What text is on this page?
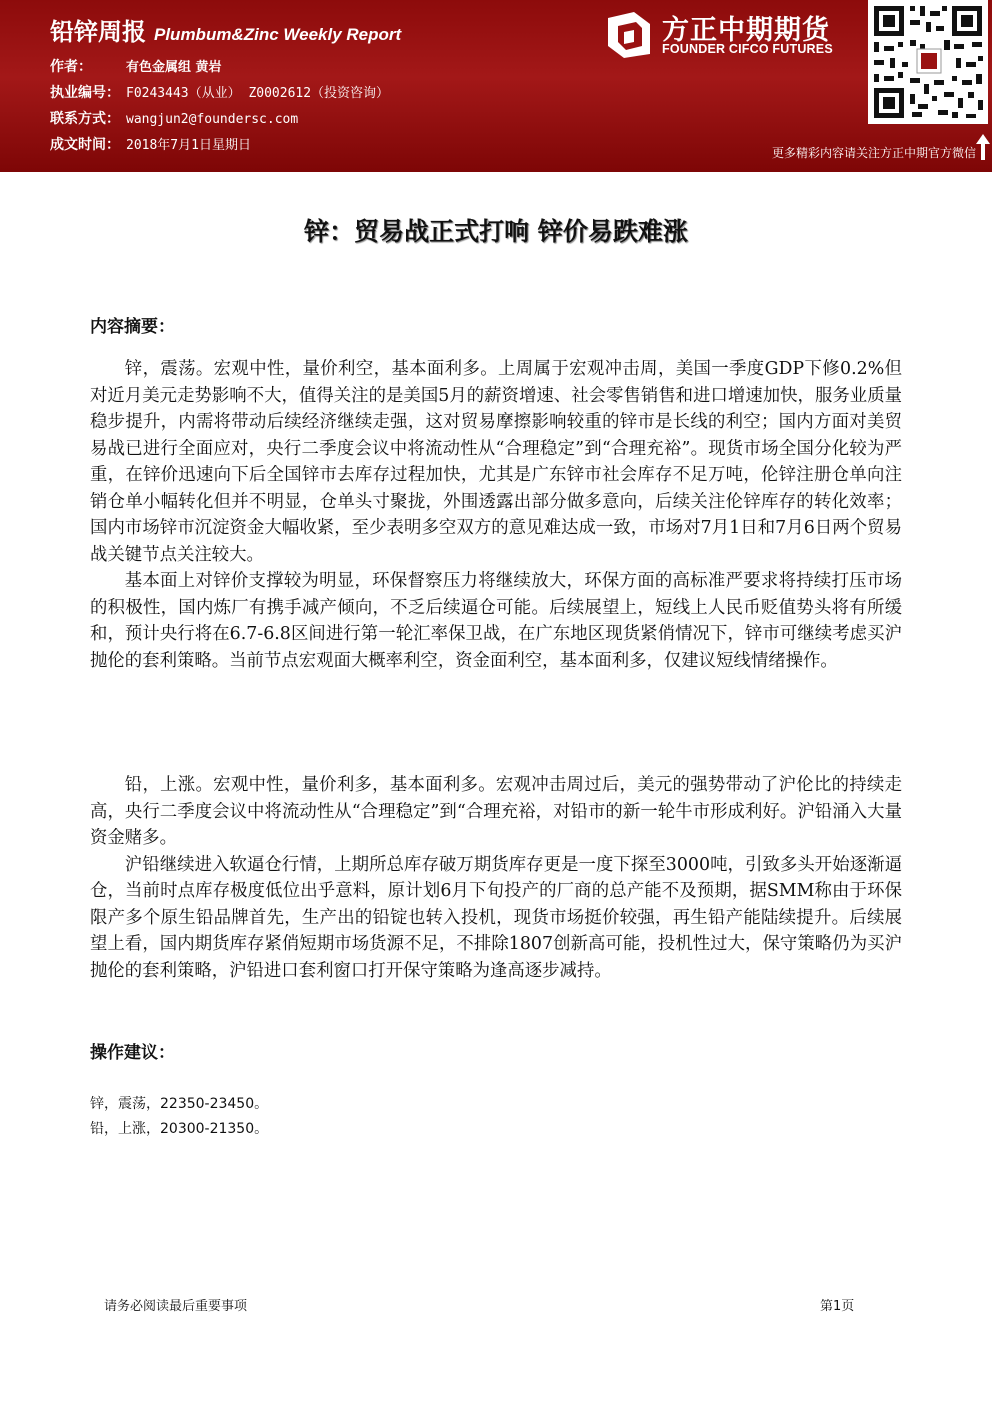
铅锌周报 Plumbum&Zinc Weekly Report
作者：	有色金属组 黄岩
执业编号： F0243443（从业） Z0002612（投资咨询）
联系方式： wangjun2@foundersc.com
成文时间： 2018年7月1日星期日
方正中期期货
FOUNDER CIFCO FUTURES
更多精彩内容请关注方正中期官方微信
锌：贸易战正式打响 锌价易跌难涨
内容摘要：

锌，震荡。宏观中性，量价利空，基本面利多。上周属于宏观冲击周，美国一季度GDP下修0.2%但对近月美元走势影响不大，值得关注的是美国5月的薪资增速、社会零售销售和进口增速加快，服务业质量稳步提升，内需将带动后续经济继续走强，这对贸易摩擦影响较重的锌市是长线的利空；国内方面对美贸易战已进行全面应对，央行二季度会议中将流动性从“合理稳定”到“合理充裕”。现货市场全国分化较为严重，在锌价迅速向下后全国锌市去库存过程加快，尤其是广东锌市社会库存不足万吨，伦锌注册仓单向注销仓单小幅转化但并不明显，仓单头寸聚拢，外围透露出部分做多意向，后续关注伦锌库存的转化效率；国内市场锌市沉淀资金大幅收紧，至少表明多空双方的意见难达成一致，市场对7月1日和7月6日两个贸易战关键节点关注较大。

基本面上对锌价支撑较为明显，环保督察压力将继续放大，环保方面的高标准严要求将持续打压市场的积极性，国内炼厂有携手减产倾向，不乏后续逼仓可能。后续展望上，短线上人民币贬值势头将有所缓和，预计央行将在6.7-6.8区间进行第一轮汇率保卫战，在广东地区现货紧俏情况下，锌市可继续考虑买沪抛伦的套利策略。当前节点宏观面大概率利空，资金面利空，基本面利多，仅建议短线情绪操作。

铅，上涨。宏观中性，量价利多，基本面利多。宏观冲击周过后，美元的强势带动了沪伦比的持续走高，央行二季度会议中将流动性从“合理稳定”到“合理充裕，对铅市的新一轮牛市形成利好。沪铅涌入大量资金赌多。

沪铅继续进入软逼仓行情，上期所总库存破万期货库存更是一度下探至3000吨，引致多头开始逐渐逼仓，当前时点库存极度低位出乎意料，原计划6月下旬投产的厂商的总产能不及预期，据SMM称由于环保限产多个原生铅品牌首先，生产出的铅锭也转入投机，现货市场挺价较强，再生铅产能陆续提升。后续展望上看，国内期货库存紧俏短期市场货源不足，不排除1807创新高可能，投机性过大，保守策略仍为买沪抛伦的套利策略，沪铅进口套利窗口打开保守策略为逢高逐步减持。

操作建议：
锌，震荡，22350-23450。
铅，上涨，20300-21350。
请务必阅读最后重要事项	第1页
